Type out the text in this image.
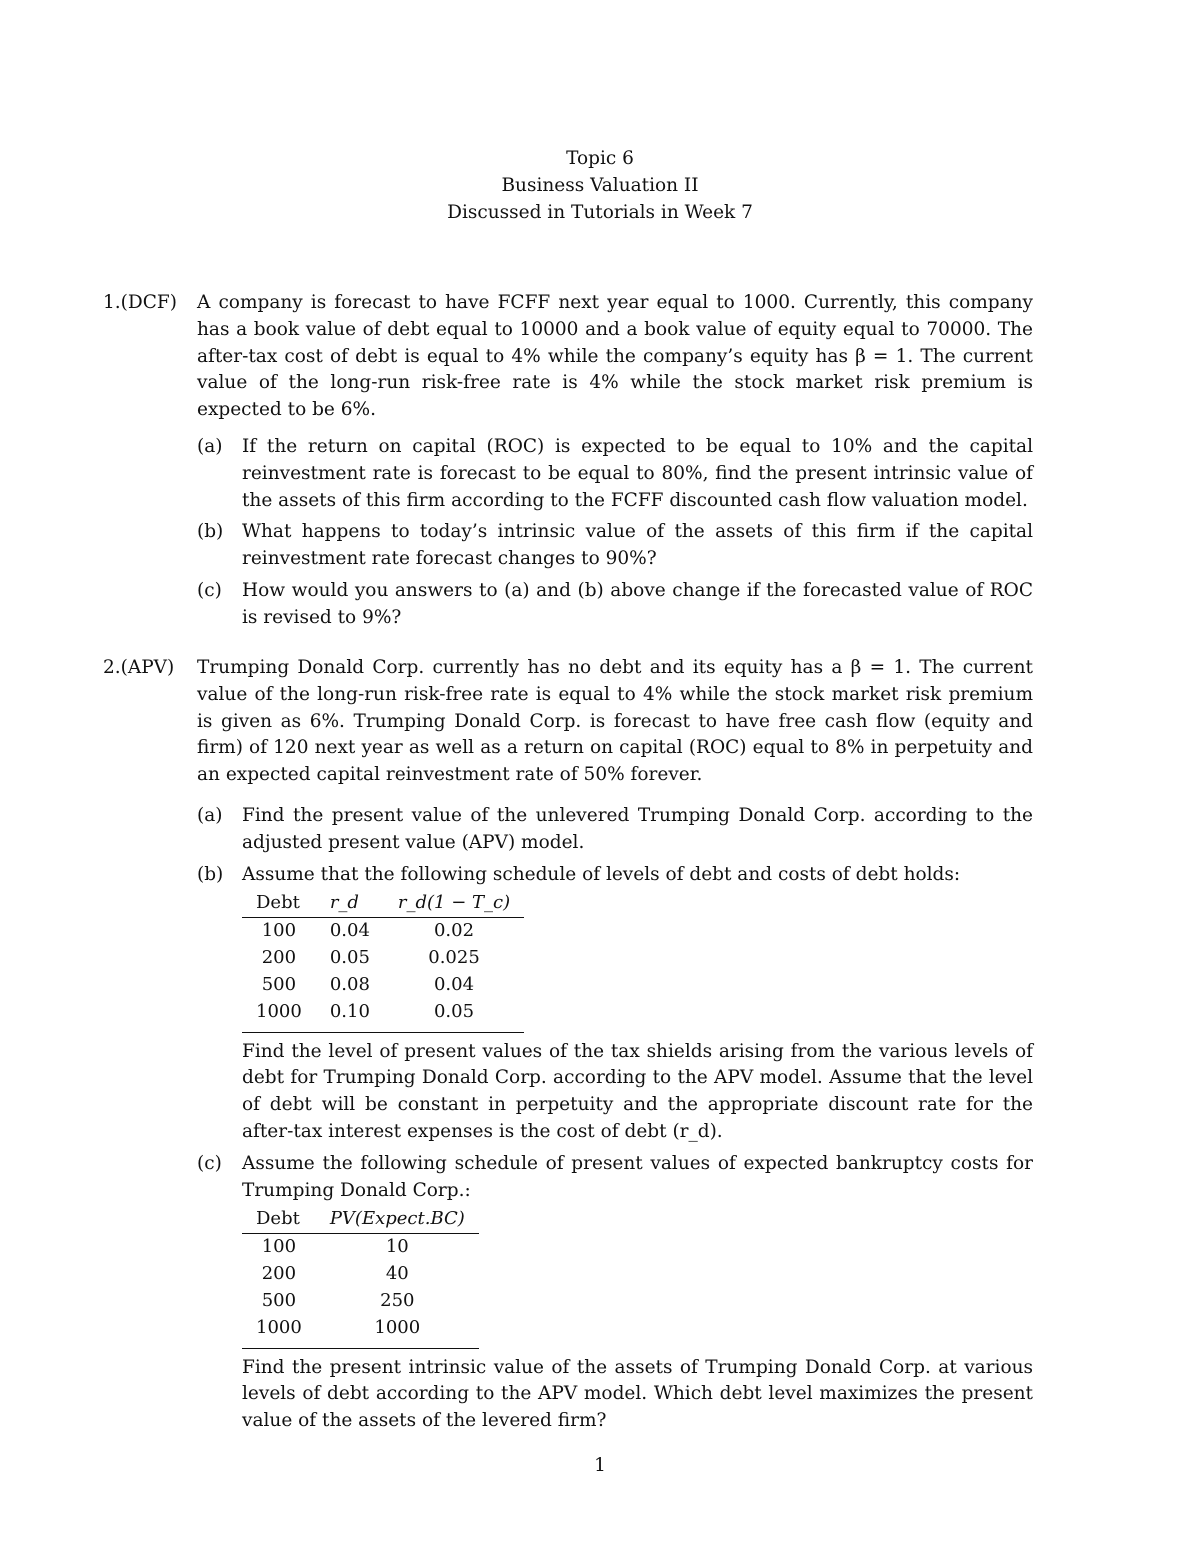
Topic 6
Business Valuation II
Discussed in Tutorials in Week 7
1.(DCF)	A company is forecast to have FCFF next year equal to 1000. Currently, this company has a book value of debt equal to 10000 and a book value of equity equal to 70000. The after-tax cost of debt is equal to 4% while the company’s equity has β = 1. The current value of the long-run risk-free rate is 4% while the stock market risk premium is expected to be 6%.
(a)	If the return on capital (ROC) is expected to be equal to 10% and the capital reinvestment rate is forecast to be equal to 80%, find the present intrinsic value of the assets of this firm according to the FCFF discounted cash flow valuation model.
(b)	What happens to today’s intrinsic value of the assets of this firm if the capital reinvestment rate forecast changes to 90%?
(c)	How would you answers to (a) and (b) above change if the forecasted value of ROC is revised to 9%?
2.(APV)	Trumping Donald Corp. currently has no debt and its equity has a β = 1. The current value of the long-run risk-free rate is equal to 4% while the stock market risk premium is given as 6%. Trumping Donald Corp. is forecast to have free cash flow (equity and firm) of 120 next year as well as a return on capital (ROC) equal to 8% in perpetuity and an expected capital reinvestment rate of 50% forever.
(a)	Find the present value of the unlevered Trumping Donald Corp. according to the adjusted present value (APV) model.
(b)	Assume that the following schedule of levels of debt and costs of debt holds:
Debt	r_d	r_d(1 − T_c)
100	0.04	0.02
200	0.05	0.025
500	0.08	0.04
1000	0.10	0.05
Find the level of present values of the tax shields arising from the various levels of debt for Trumping Donald Corp. according to the APV model. Assume that the level of debt will be constant in perpetuity and the appropriate discount rate for the after-tax interest expenses is the cost of debt (r_d).
(c)	Assume the following schedule of present values of expected bankruptcy costs for Trumping Donald Corp.:
Debt	PV(Expect.BC)
100	10
200	40
500	250
1000	1000
Find the present intrinsic value of the assets of Trumping Donald Corp. at various levels of debt according to the APV model. Which debt level maximizes the present value of the assets of the levered firm?
1
